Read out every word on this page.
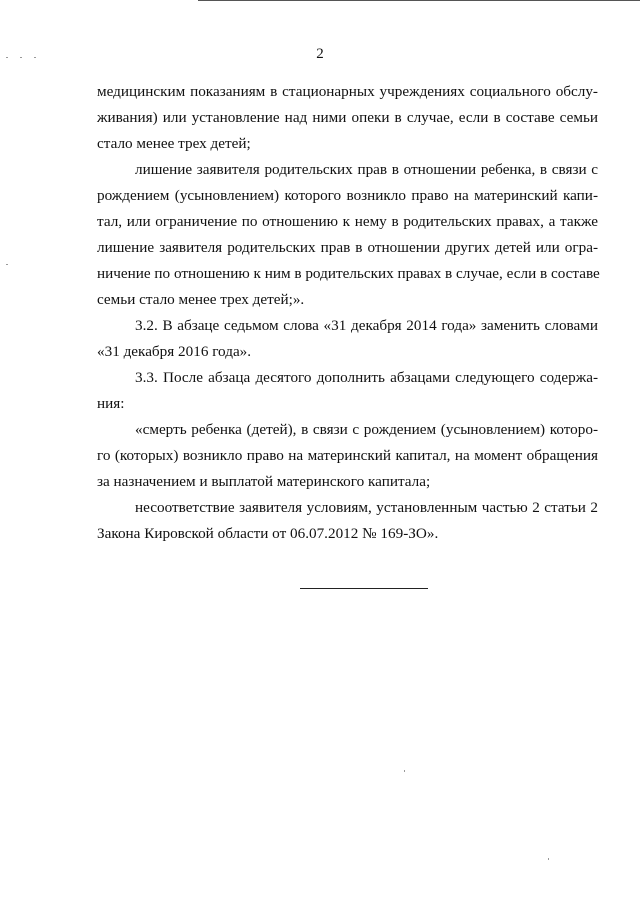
2
медицинским показаниям в стационарных учреждениях социального обслу-
живания) или установление над ними опеки в случае, если в составе семьи
стало менее трех детей;
лишение заявителя родительских прав в отношении ребенка, в связи с
рождением (усыновлением) которого возникло право на материнский капи-
тал, или ограничение по отношению к нему в родительских правах, а также
лишение заявителя родительских прав в отношении других детей или огра-
ничение по отношению к ним в родительских правах в случае, если в составе
семьи стало менее трех детей;».
3.2. В абзаце седьмом слова «31 декабря 2014 года» заменить словами
«31 декабря 2016 года».
3.3. После абзаца десятого дополнить абзацами следующего содержа-
ния:
«смерть ребенка (детей), в связи с рождением (усыновлением) которо-
го (которых) возникло право на материнский капитал, на момент обращения
за назначением и выплатой материнского капитала;
несоответствие заявителя условиям, установленным частью 2 статьи 2
Закона Кировской области от 06.07.2012 № 169-ЗО».
